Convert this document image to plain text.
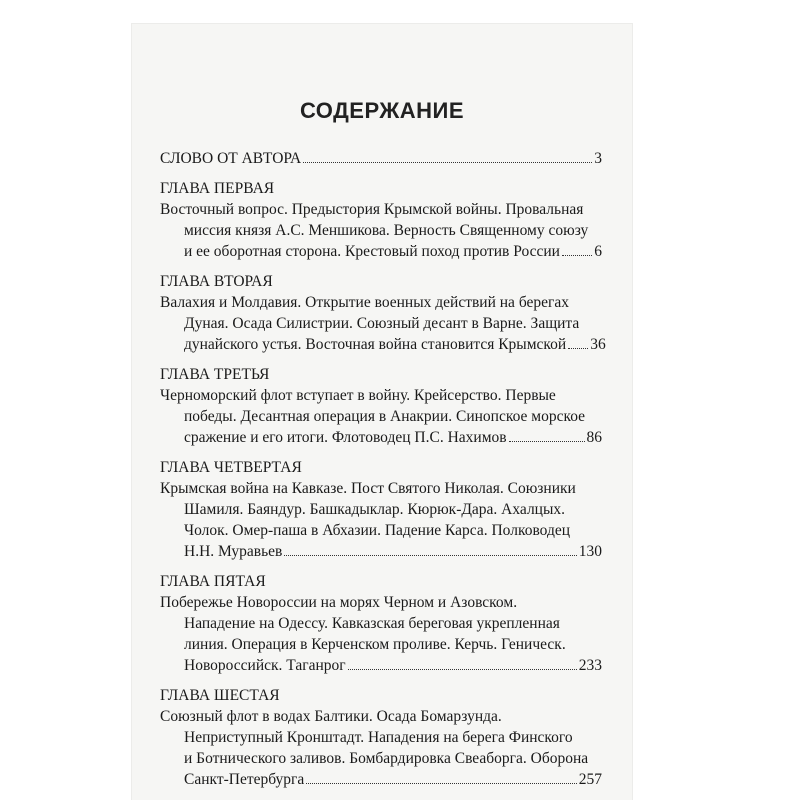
СОДЕРЖАНИЕ
СЛОВО ОТ АВТОРА	3
ГЛАВА ПЕРВАЯ
Восточный вопрос. Предыстория Крымской войны. Провальная
миссия князя А.С. Меншикова. Верность Священному союзу
и ее оборотная сторона. Крестовый поход против России 6
ГЛАВА ВТОРАЯ
Валахия и Молдавия. Открытие военных действий на берегах
Дуная. Осада Силистрии. Союзный десант в Варне. Защита
дунайского устья. Восточная война становится Крымской 36
ГЛАВА ТРЕТЬЯ
Черноморский флот вступает в войну. Крейсерство. Первые
победы. Десантная операция в Анакрии. Синопское морское
сражение и его итоги. Флотоводец П.С. Нахимов	86
ГЛАВА ЧЕТВЕРТАЯ
Крымская война на Кавказе. Пост Святого Николая. Союзники
Шамиля. Баяндур. Башкадыклар. Кюрюк-Дара. Ахалцых.
Чолок. Омер-паша в Абхазии. Падение Карса. Полководец
Н.Н. Муравьев	130
ГЛАВА ПЯТАЯ
Побережье Новороссии на морях Черном и Азовском.
Нападение на Одессу. Кавказская береговая укрепленная
линия. Операция в Керченском проливе. Керчь. Геническ.
Новороссийск. Таганрог	233
ГЛАВА ШЕСТАЯ
Союзный флот в водах Балтики. Осада Бомарзунда.
Неприступный Кронштадт. Нападения на берега Финского
и Ботнического заливов. Бомбардировка Свеаборга. Оборона
Санкт-Петербурга	257
